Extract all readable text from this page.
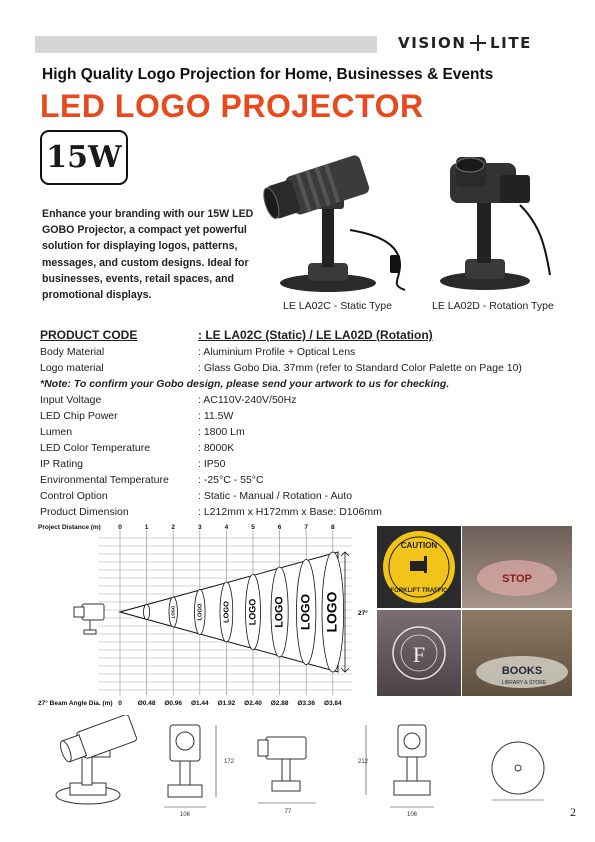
VISION LITE
High Quality Logo Projection for Home, Businesses & Events
LED LOGO PROJECTOR
15W
Enhance your branding with our 15W LED GOBO Projector, a compact yet powerful solution for displaying logos, patterns, messages, and custom designs. Ideal for businesses, events, retail spaces, and promotional displays.
LE LA02C - Static Type	LE LA02D - Rotation Type
PRODUCT CODE	: LE LA02C (Static) / LE LA02D (Rotation)
Body Material	: Aluminium Profile + Optical Lens
Logo material	: Glass Gobo Dia. 37mm (refer to Standard Color Palette on Page 10)
*Note: To confirm your Gobo design, please send your artwork to us for checking.
Input Voltage	: AC110V-240V/50Hz
LED Chip Power	: 11.5W
Lumen	: 1800 Lm
LED Color Temperature	: 8000K
IP Rating	: IP50
Environmental Temperature	: -25°C - 55°C
Control Option	: Static - Manual / Rotation - Auto
Product Dimension	: L212mm x H172mm x Base: D106mm
Project Distance (m)
27° Beam Angle Dia. (m)
0	1	2	3	4	5	6	7	8
0 Ø0.48 Ø0.96 Ø1.44 Ø1.92 Ø2.40 Ø2.88 Ø3.36 Ø3.84
LOGO	LOGO LOGO LOGO LOGO LOGO LOGO	27°
CAUTION
FORKLIFT TRAFFIC
STOP
F
BOOKS
LIBRARY & STORE
106
172
77
212
106	2
